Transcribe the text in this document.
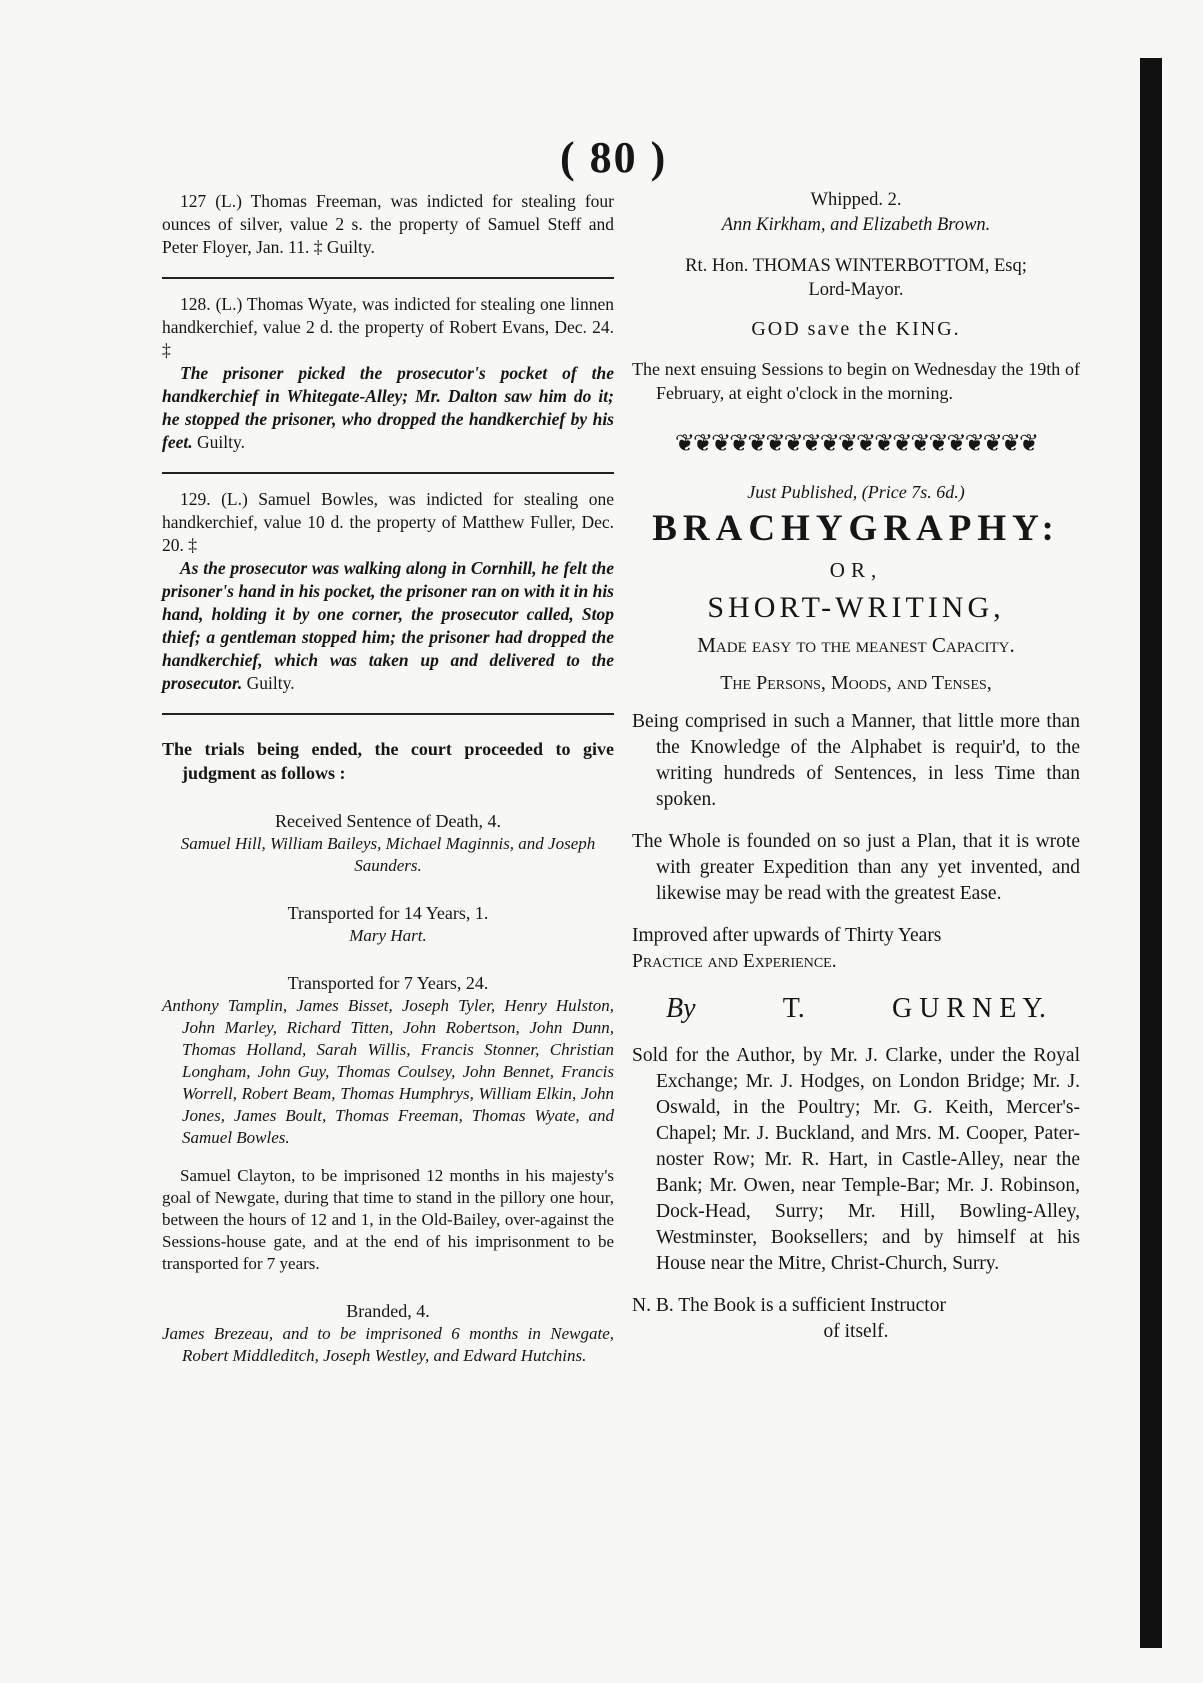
( 80 )

127 (L.) Thomas Freeman, was indicted for stealing four ounces of silver, value 2 s. the property of Samuel Steff and Peter Floyer, Jan. 11. ‡ Guilty.

128. (L.) Thomas Wyate, was indicted for stealing one linnen handkerchief, value 2 d. the property of Robert Evans, Dec. 24. ‡

The prisoner picked the prosecutor's pocket of the handkerchief in Whitegate-Alley; Mr. Dalton saw him do it; he stopped the prisoner, who dropped the handkerchief by his feet. Guilty.

129. (L.) Samuel Bowles, was indicted for stealing one handkerchief, value 10 d. the property of Matthew Fuller, Dec. 20. ‡

As the prosecutor was walking along in Cornhill, he felt the prisoner's hand in his pocket, the prisoner ran on with it in his hand, holding it by one corner, the prosecutor called, Stop thief; a gentleman stopped him; the prisoner had dropped the handkerchief, which was taken up and delivered to the prosecutor. Guilty.

The trials being ended, the court proceeded to give judgment as follows :

Received Sentence of Death, 4.

Samuel Hill, William Baileys, Michael Maginnis, and Joseph Saunders.

Transported for 14 Years, 1.

Mary Hart.

Transported for 7 Years, 24.

Anthony Tamplin, James Bisset, Joseph Tyler, Henry Hulston, John Marley, Richard Titten, John Robertson, John Dunn, Thomas Holland, Sarah Willis, Francis Stonner, Christian Longham, John Guy, Thomas Coulsey, John Bennet, Francis Worrell, Robert Beam, Thomas Humphrys, William Elkin, John Jones, James Boult, Thomas Freeman, Thomas Wyate, and Samuel Bowles.

Samuel Clayton, to be imprisoned 12 months in his majesty's goal of Newgate, during that time to stand in the pillory one hour, between the hours of 12 and 1, in the Old-Bailey, over-against the Sessions-house gate, and at the end of his imprisonment to be transported for 7 years.

Branded, 4.

James Brezeau, and to be imprisoned 6 months in Newgate, Robert Middleditch, Joseph Westley, and Edward Hutchins.

Whipped. 2.

Ann Kirkham, and Elizabeth Brown.

Rt. Hon. THOMAS WINTERBOTTOM, Esq;
Lord-Mayor.
GOD save the KING.

The next ensuing Sessions to begin on Wednesday the 19th of February, at eight o'clock in the morning.

❦❦❦❦❦❦❦❦❦❦❦❦❦❦❦❦❦❦❦❦
Just Published, (Price 7s. 6d.)
BRACHYGRAPHY:
OR,
SHORT-WRITING,

Made easy to the meanest Capacity.

The Persons, Moods, and Tenses,

Being comprised in such a Manner, that little more than the Knowledge of the Alphabet is requir'd, to the writing hundreds of Sentences, in less Time than spoken.

The Whole is founded on so just a Plan, that it is wrote with greater Expedition than any yet invented, and likewise may be read with the greatest Ease.

Improved after upwards of Thirty Years

Practice and Experience.

By	T.	G U R N E Y.

Sold for the Author, by Mr. J. Clarke, under the Royal Exchange; Mr. J. Hodges, on London Bridge; Mr. J. Oswald, in the Poultry; Mr. G. Keith, Mercer's-Chapel; Mr. J. Buckland, and Mrs. M. Cooper, Pater-noster Row; Mr. R. Hart, in Castle-Alley, near the Bank; Mr. Owen, near Temple-Bar; Mr. J. Robinson, Dock-Head, Surry; Mr. Hill, Bowling-Alley, Westminster, Booksellers; and by himself at his House near the Mitre, Christ-Church, Surry.

N. B. The Book is a sufficient Instructor
of itself.
